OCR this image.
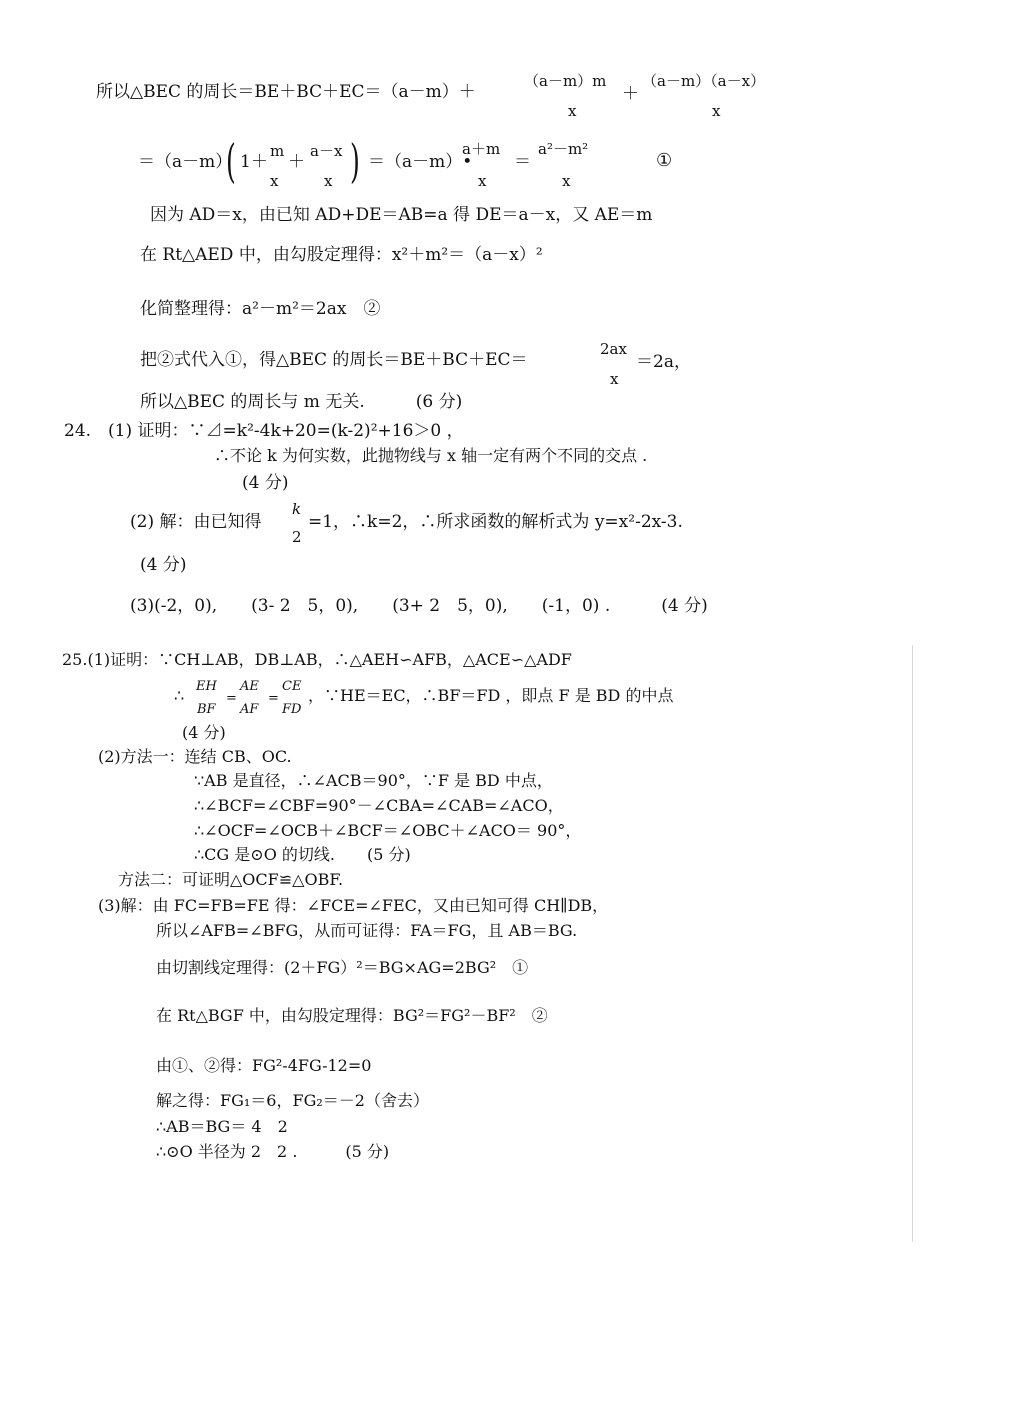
所以△BEC 的周长＝BE＋BC＋EC＝（a－m）＋
（a－m）m
x
＋
（a－m）（a－x）
x
＝（a－m）
( 1＋
m
x
＋
a－x
x ) ＝（a－m）•
a＋m
x
＝
a²－m²
x
①
因为 AD＝x，由已知 AD+DE＝AB=a 得 DE＝a－x，又 AE＝m
在 Rt△AED 中，由勾股定理得：x²＋m²＝（a－x）²
化简整理得：a²－m²＝2ax　②
把②式代入①，得△BEC 的周长＝BE＋BC＋EC＝
2ax
x
＝2a，
所以△BEC 的周长与 m 无关.　　　(6 分)
24.　(1) 证明：∵⊿=k²-4k+20=(k-2)²+16＞0 ，
∴不论 k 为何实数，此抛物线与 x 轴一定有两个不同的交点 .
(4 分)
(2) 解：由已知得
k
2
=1，∴k=2，∴所求函数的解析式为 y=x²-2x-3.
(4 分)
(3)(-2，0),　　(3- 2　5，0),　　(3+ 2　5，0),　　(-1，0) .　　　(4 分)
25.(1)证明：∵CH⊥AB，DB⊥AB，∴△AEH∽AFB，△ACE∽△ADF
∴ EH
BF
=
AE
AF
=
CE
FD
，∵HE＝EC，∴BF＝FD ，即点 F 是 BD 的中点
(4 分)
(2)方法一：连结 CB、OC.
∵AB 是直径，∴∠ACB＝90°，∵F 是 BD 中点，
∴∠BCF=∠CBF=90°－∠CBA=∠CAB=∠ACO，
∴∠OCF=∠OCB＋∠BCF＝∠OBC＋∠ACO＝ 90°，
∴CG 是⊙O 的切线.　　(5 分)
方法二：可证明△OCF≌△OBF.
(3)解：由 FC=FB=FE 得：∠FCE=∠FEC，又由已知可得 CH∥DB，
所以∠AFB=∠BFG，从而可证得：FA＝FG，且 AB＝BG.
由切割线定理得：(2＋FG）²＝BG×AG=2BG²　①
在 Rt△BGF 中，由勾股定理得：BG²＝FG²－BF²　②
由①、②得：FG²-4FG-12=0
解之得：FG₁＝6，FG₂＝－2（舍去）
∴AB＝BG＝ 4　2
∴⊙O 半径为 2　2 .　　　(5 分)
